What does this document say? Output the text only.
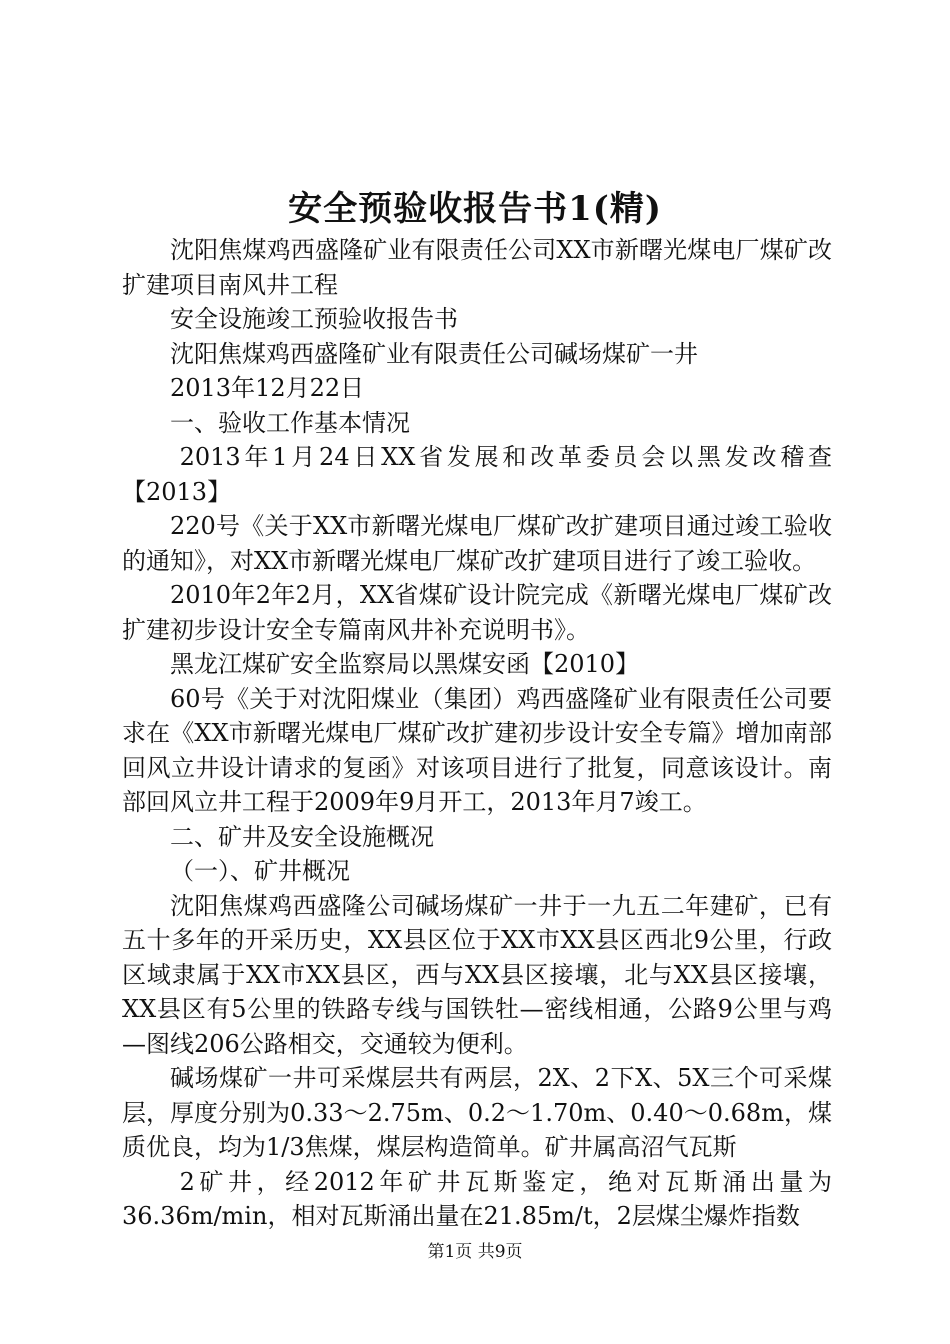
安全预验收报告书1(精)

沈阳焦煤鸡西盛隆矿业有限责任公司XX市新曙光煤电厂煤矿改扩建项目南风井工程

安全设施竣工预验收报告书

沈阳焦煤鸡西盛隆矿业有限责任公司碱场煤矿一井

2013年12月22日

一、验收工作基本情况

2013年1月24日XX省发展和改革委员会以黑发改稽查【2013】

220号《关于XX市新曙光煤电厂煤矿改扩建项目通过竣工验收的通知》，对XX市新曙光煤电厂煤矿改扩建项目进行了竣工验收。

2010年2年2月，XX省煤矿设计院完成《新曙光煤电厂煤矿改扩建初步设计安全专篇南风井补充说明书》。

黑龙江煤矿安全监察局以黑煤安函【2010】

60号《关于对沈阳煤业（集团）鸡西盛隆矿业有限责任公司要求在《XX市新曙光煤电厂煤矿改扩建初步设计安全专篇》增加南部回风立井设计请求的复函》对该项目进行了批复，同意该设计。南部回风立井工程于2009年9月开工，2013年月7竣工。

二、矿井及安全设施概况

（一）、矿井概况

沈阳焦煤鸡西盛隆公司碱场煤矿一井于一九五二年建矿，已有五十多年的开采历史，XX县区位于XX市XX县区西北9公里，行政区域隶属于XX市XX县区，西与XX县区接壤，北与XX县区接壤，XX县区有5公里的铁路专线与国铁牡—密线相通，公路9公里与鸡—图线206公路相交，交通较为便利。

碱场煤矿一井可采煤层共有两层，2X、2下X、5X三个可采煤层，厚度分别为0.33～2.75m、0.2～1.70m、0.40～0.68m，煤质优良，均为1/3焦煤，煤层构造简单。矿井属高沼气瓦斯

2矿井，经2012年矿井瓦斯鉴定，绝对瓦斯涌出量为36.36m/min，相对瓦斯涌出量在21.85m/t，2层煤尘爆炸指数

第1页 共9页
